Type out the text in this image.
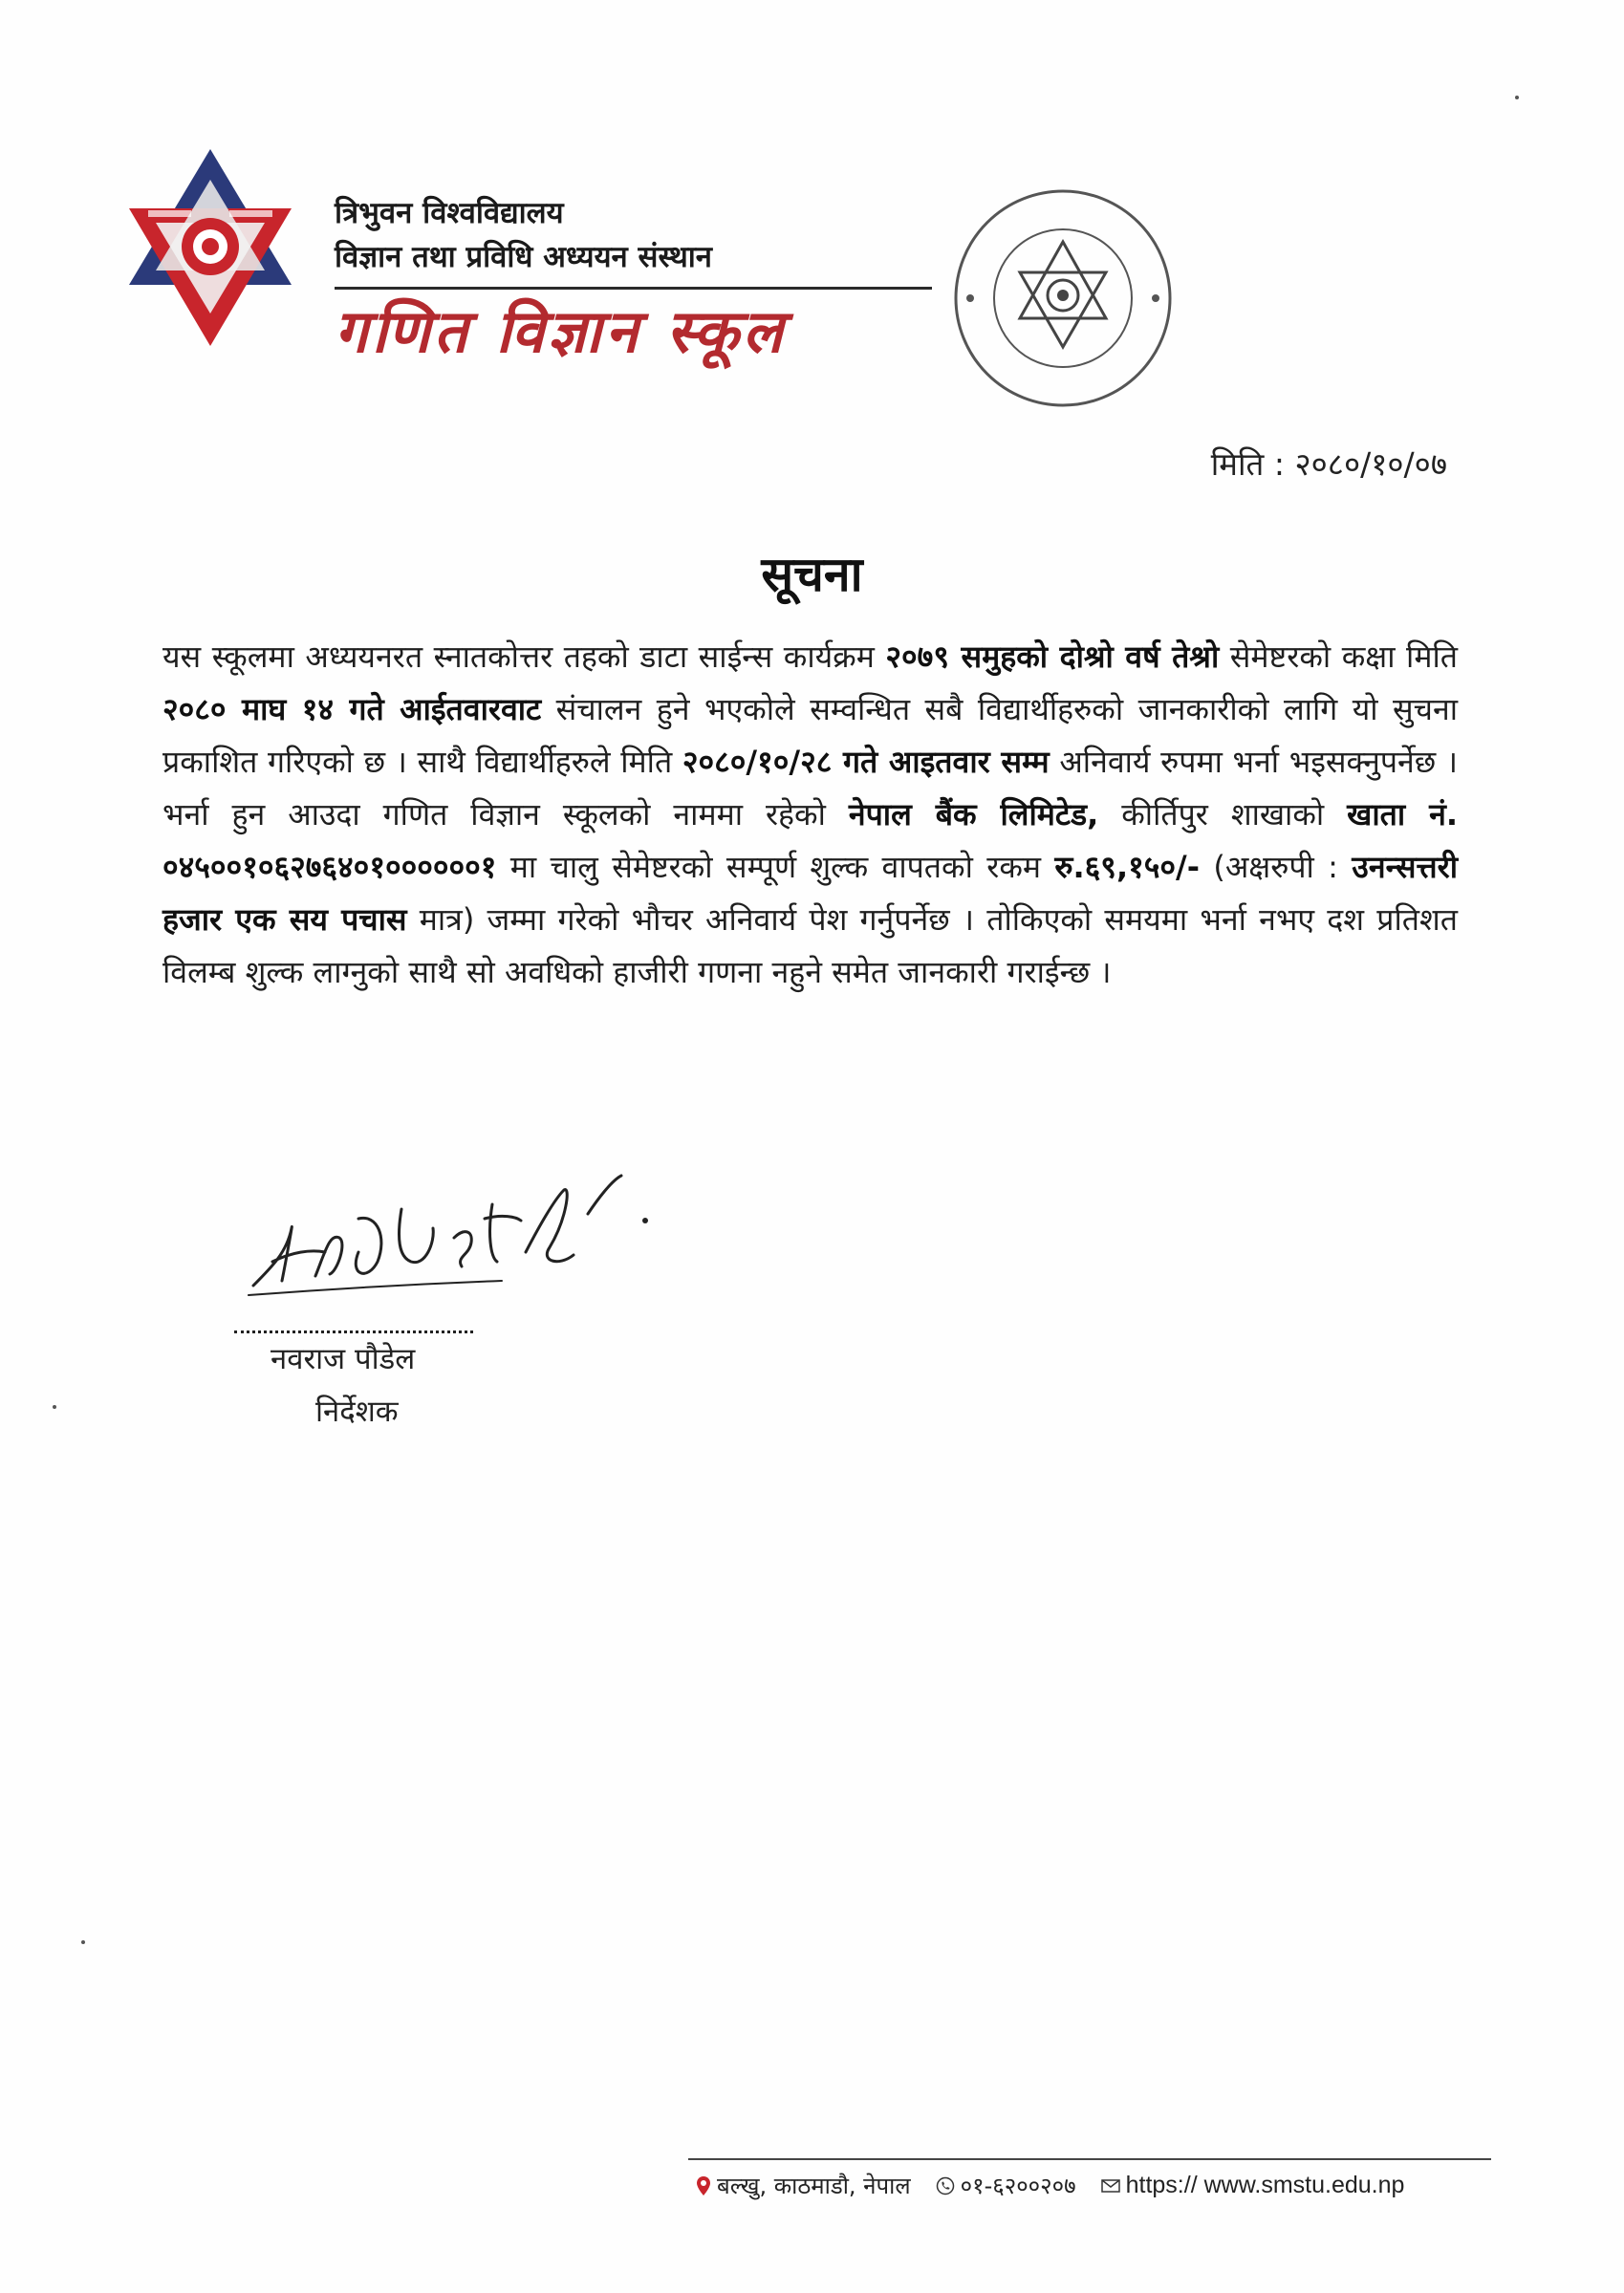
त्रिभुवन विश्वविद्यालय
विज्ञान तथा प्रविधि अध्ययन संस्थान
गणित विज्ञान स्कूल
मिति : २०८०/१०/०७
सूचना
यस स्कूलमा अध्ययनरत स्नातकोत्तर तहको डाटा साईन्स कार्यक्रम २०७९ समुहको दोश्रो वर्ष तेश्रो सेमेष्टरको कक्षा मिति २०८० माघ १४ गते आईतवारवाट संचालन हुने भएकोले सम्वन्धित सबै विद्यार्थीहरुको जानकारीको लागि यो सुचना प्रकाशित गरिएको छ । साथै विद्यार्थीहरुले मिति २०८०/१०/२८ गते आइतवार सम्म अनिवार्य रुपमा भर्ना भइसक्नुपर्नेछ । भर्ना हुन आउदा गणित विज्ञान स्कूलको नाममा रहेको नेपाल बैंक लिमिटेड, कीर्तिपुर शाखाको खाता नं. ०४५००१०६२७६४०१००००००१ मा चालु सेमेष्टरको सम्पूर्ण शुल्क वापतको रकम रु.६९,१५०/- (अक्षरुपी : उनन्सत्तरी हजार एक सय पचास मात्र) जम्मा गरेको भौचर अनिवार्य पेश गर्नुपर्नेछ । तोकिएको समयमा भर्ना नभए दश प्रतिशत विलम्ब शुल्क लाग्नुको साथै सो अवधिको हाजीरी गणना नहुने समेत जानकारी गराईन्छ ।
नवराज पौडेल
निर्देशक
बल्खु, काठमाडौ, नेपाल ०१-६२००२०७ https:// www.smstu.edu.np
